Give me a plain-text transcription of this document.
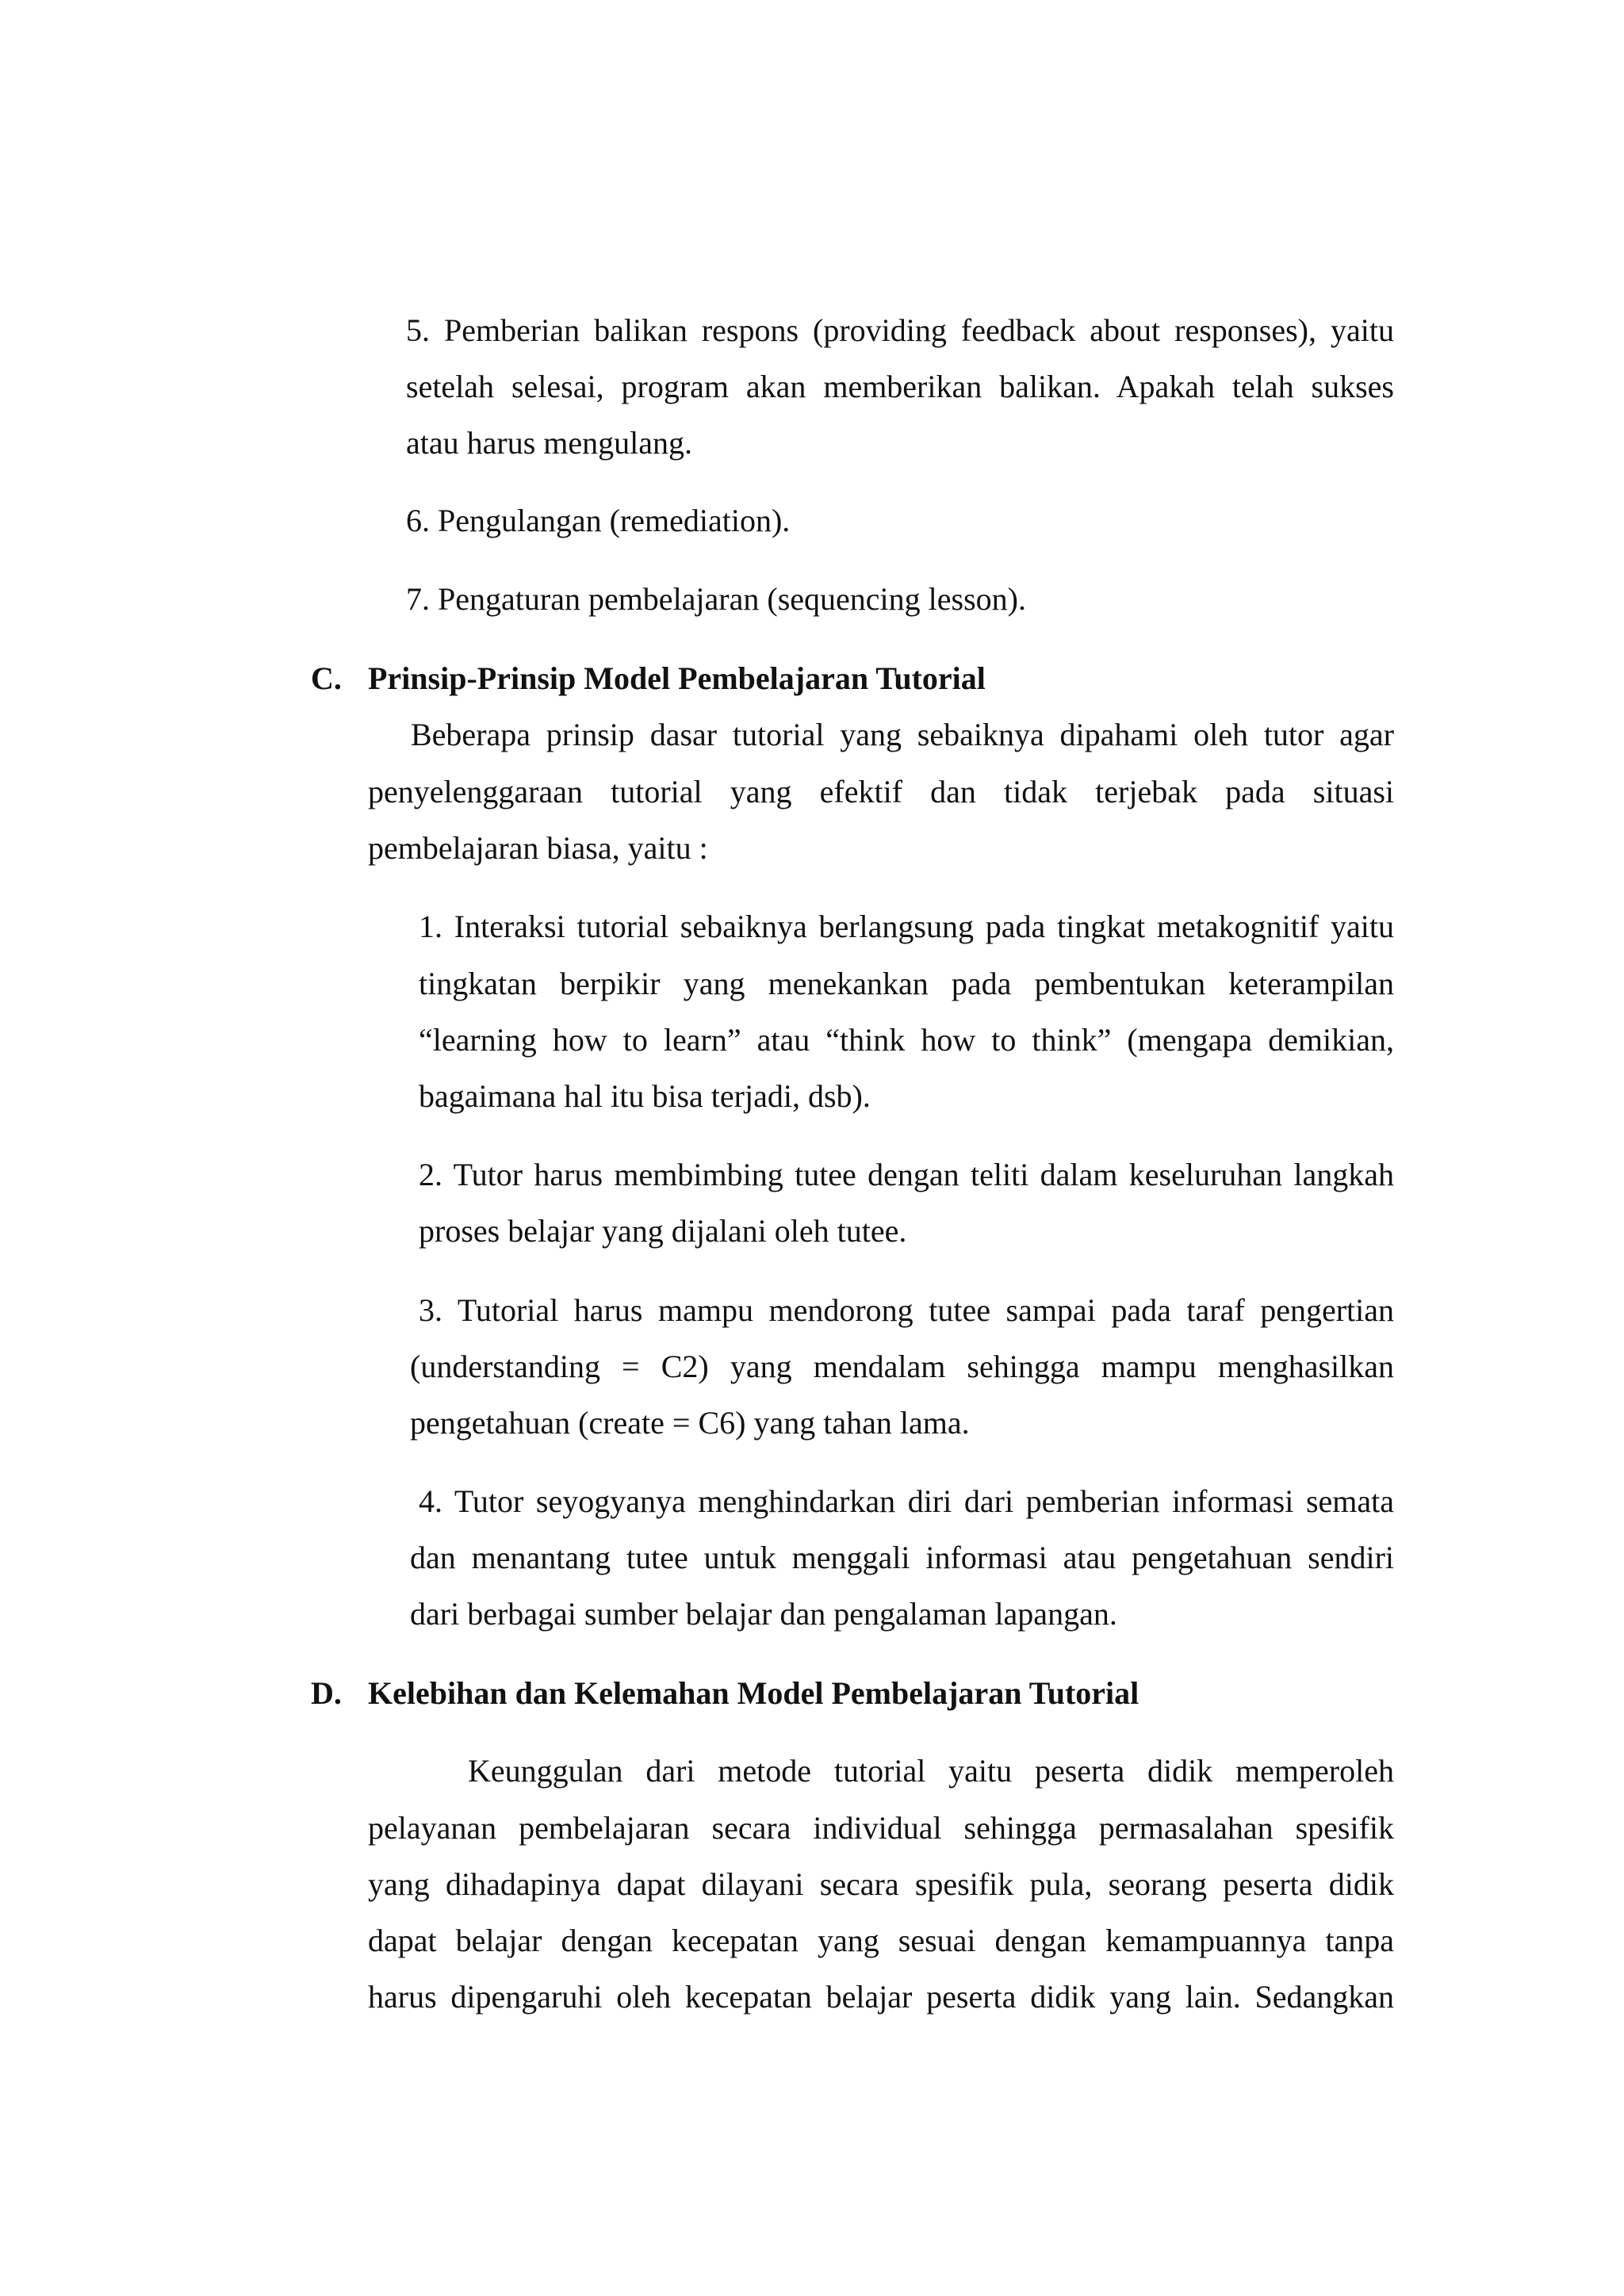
5. Pemberian balikan respons (providing feedback about responses), yaitu
setelah selesai, program akan memberikan balikan. Apakah telah sukses
atau harus mengulang.
6. Pengulangan (remediation).
7. Pengaturan pembelajaran (sequencing lesson).
C. Prinsip-Prinsip Model Pembelajaran Tutorial
Beberapa prinsip dasar tutorial yang sebaiknya dipahami oleh tutor agar
penyelenggaraan tutorial yang efektif dan tidak terjebak pada situasi
pembelajaran biasa, yaitu :
1. Interaksi tutorial sebaiknya berlangsung pada tingkat metakognitif yaitu
tingkatan berpikir yang menekankan pada pembentukan keterampilan
“learning how to learn” atau “think how to think” (mengapa demikian,
bagaimana hal itu bisa terjadi, dsb).
2. Tutor harus membimbing tutee dengan teliti dalam keseluruhan langkah
proses belajar yang dijalani oleh tutee.
3. Tutorial harus mampu mendorong tutee sampai pada taraf pengertian
(understanding = C2) yang mendalam sehingga mampu menghasilkan
pengetahuan (create = C6) yang tahan lama.
4. Tutor seyogyanya menghindarkan diri dari pemberian informasi semata
dan menantang tutee untuk menggali informasi atau pengetahuan sendiri
dari berbagai sumber belajar dan pengalaman lapangan.
D. Kelebihan dan Kelemahan Model Pembelajaran Tutorial
Keunggulan dari metode tutorial yaitu peserta didik memperoleh
pelayanan pembelajaran secara individual sehingga permasalahan spesifik
yang dihadapinya dapat dilayani secara spesifik pula, seorang peserta didik
dapat belajar dengan kecepatan yang sesuai dengan kemampuannya tanpa
harus dipengaruhi oleh kecepatan belajar peserta didik yang lain. Sedangkan
